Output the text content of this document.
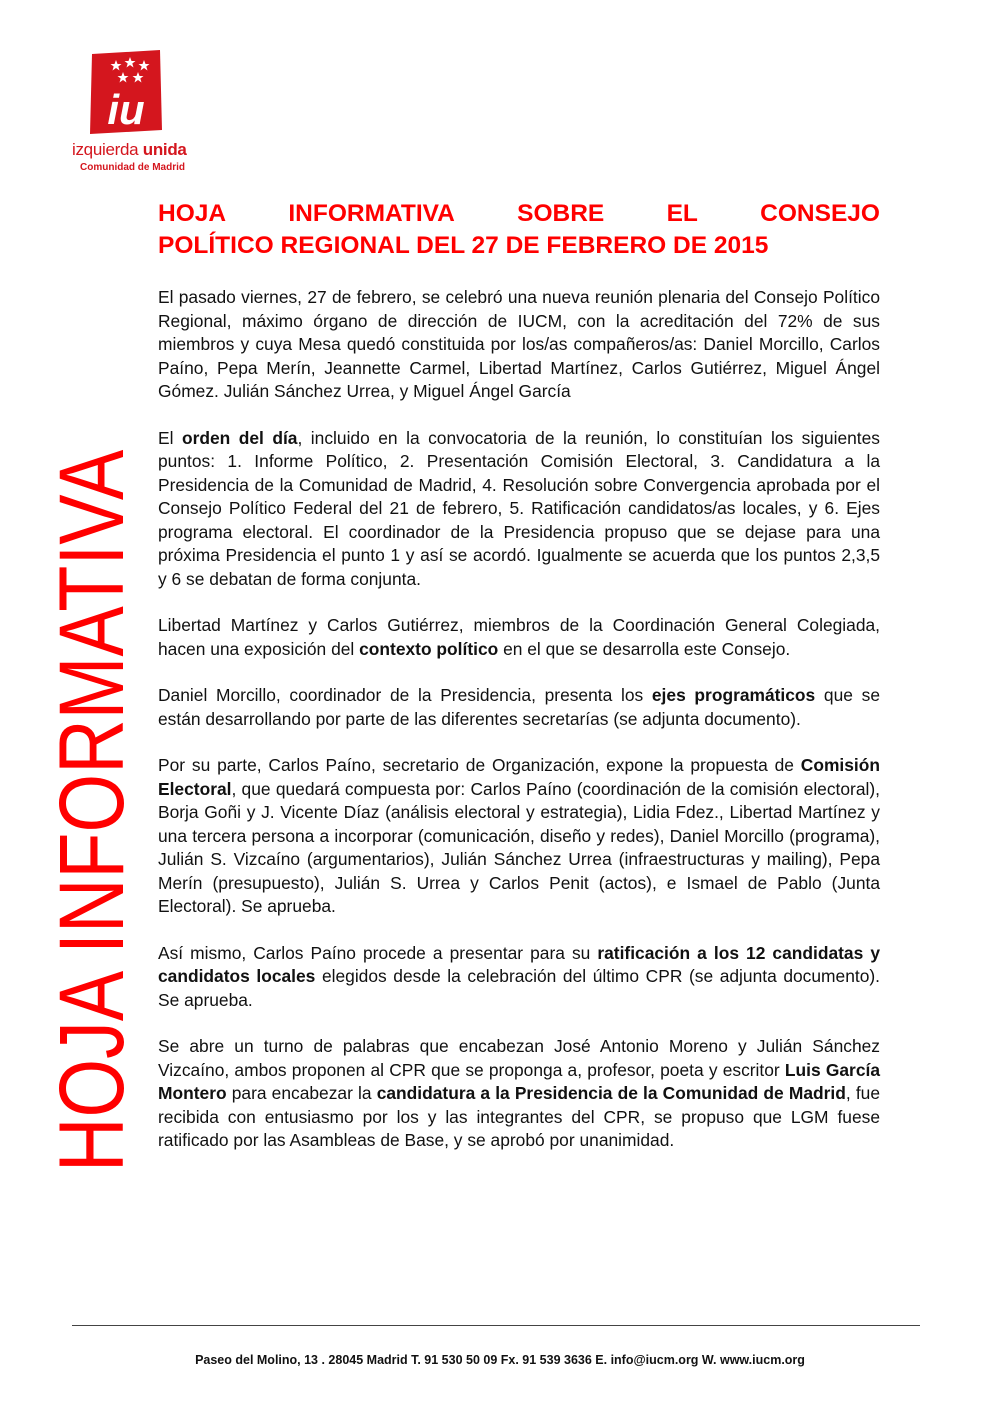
iu
izquierda unida
Comunidad de Madrid
HOJA INFORMATIVA
HOJA	INFORMATIVA	SOBRE	EL	CONSEJO
POLÍTICO REGIONAL DEL 27 DE FEBRERO DE 2015

El pasado viernes, 27 de febrero, se celebró una nueva reunión plenaria del Consejo Político Regional, máximo órgano de dirección de IUCM, con la acreditación del 72% de sus miembros y cuya Mesa quedó constituida por los/as compañeros/as: Daniel Morcillo, Carlos Paíno, Pepa Merín, Jeannette Carmel, Libertad Martínez, Carlos Gutiérrez, Miguel Ángel Gómez. Julián Sánchez Urrea, y Miguel Ángel García

El orden del día, incluido en la convocatoria de la reunión, lo constituían los siguientes puntos: 1. Informe Político, 2. Presentación Comisión Electoral, 3. Candidatura a la Presidencia de la Comunidad de Madrid, 4. Resolución sobre Convergencia aprobada por el Consejo Político Federal del 21 de febrero, 5. Ratificación candidatos/as locales, y 6. Ejes programa electoral. El coordinador de la Presidencia propuso que se dejase para una próxima Presidencia el punto 1 y así se acordó. Igualmente se acuerda que los puntos 2,3,5 y 6 se debatan de forma conjunta.

Libertad Martínez y Carlos Gutiérrez, miembros de la Coordinación General Colegiada, hacen una exposición del contexto político en el que se desarrolla este Consejo.

Daniel Morcillo, coordinador de la Presidencia, presenta los ejes programáticos que se están desarrollando por parte de las diferentes secretarías (se adjunta documento).

Por su parte, Carlos Paíno, secretario de Organización, expone la propuesta de Comisión Electoral, que quedará compuesta por: Carlos Paíno (coordinación de la comisión electoral), Borja Goñi y J. Vicente Díaz (análisis electoral y estrategia), Lidia Fdez., Libertad Martínez y una tercera persona a incorporar (comunicación, diseño y redes), Daniel Morcillo (programa), Julián S. Vizcaíno (argumentarios), Julián Sánchez Urrea (infraestructuras y mailing), Pepa Merín (presupuesto), Julián S. Urrea y Carlos Penit (actos), e Ismael de Pablo (Junta Electoral). Se aprueba.

Así mismo, Carlos Paíno procede a presentar para su ratificación a los 12 candidatas y candidatos locales elegidos desde la celebración del último CPR (se adjunta documento). Se aprueba.

Se abre un turno de palabras que encabezan José Antonio Moreno y Julián Sánchez Vizcaíno, ambos proponen al CPR que se proponga a, profesor, poeta y escritor Luis García Montero para encabezar la candidatura a la Presidencia de la Comunidad de Madrid, fue recibida con entusiasmo por los y las integrantes del CPR, se propuso que LGM fuese ratificado por las Asambleas de Base, y se aprobó por unanimidad.

Paseo del Molino, 13 . 28045 Madrid T. 91 530 50 09 Fx. 91 539 3636 E. info@iucm.org W. www.iucm.org
